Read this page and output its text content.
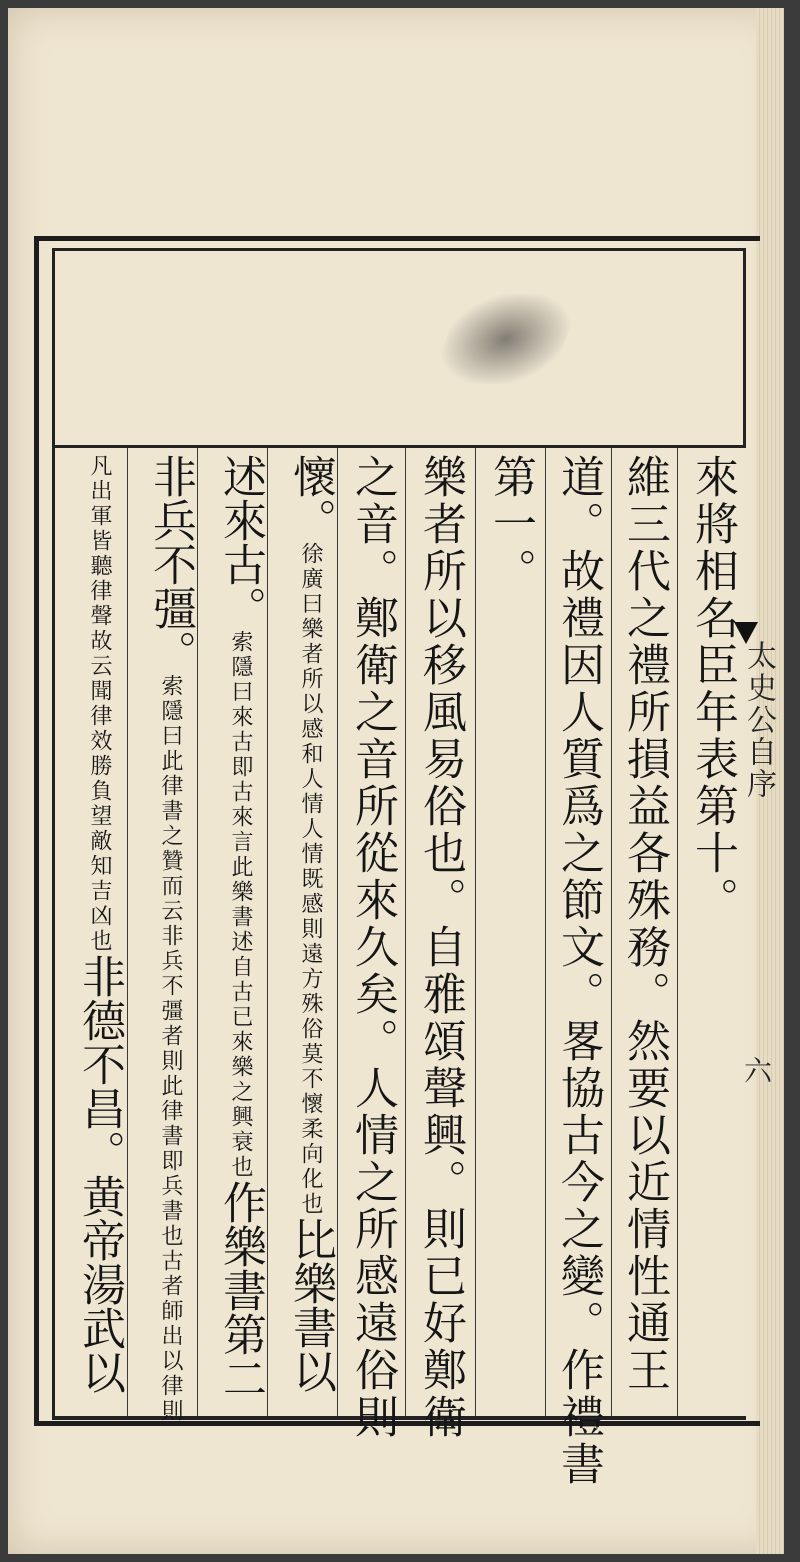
太史公自序
六
來將相名臣年表第十。
維三代之禮所損益各殊務。然要以近情性通王
道。故禮因人質爲之節文。畧協古今之變。作禮書
第一。
樂者所以移風易俗也。自雅頌聲興。則已好鄭衛
之音。鄭衛之音所從來久矣。人情之所感遠俗則
懷。徐廣曰樂者所以感和人情人情既感則遠方殊俗莫不懷柔向化也比樂書以
述來古。索隱曰來古即古來言此樂書述自古已來樂之興衰也作樂書第二
非兵不彊。索隱曰此律書之贊而云非兵不彊者則此律書即兵書也古者師出以律則
凡出軍皆聽律聲故云聞律效勝負望敵知吉凶也非德不昌。黄帝湯武以
